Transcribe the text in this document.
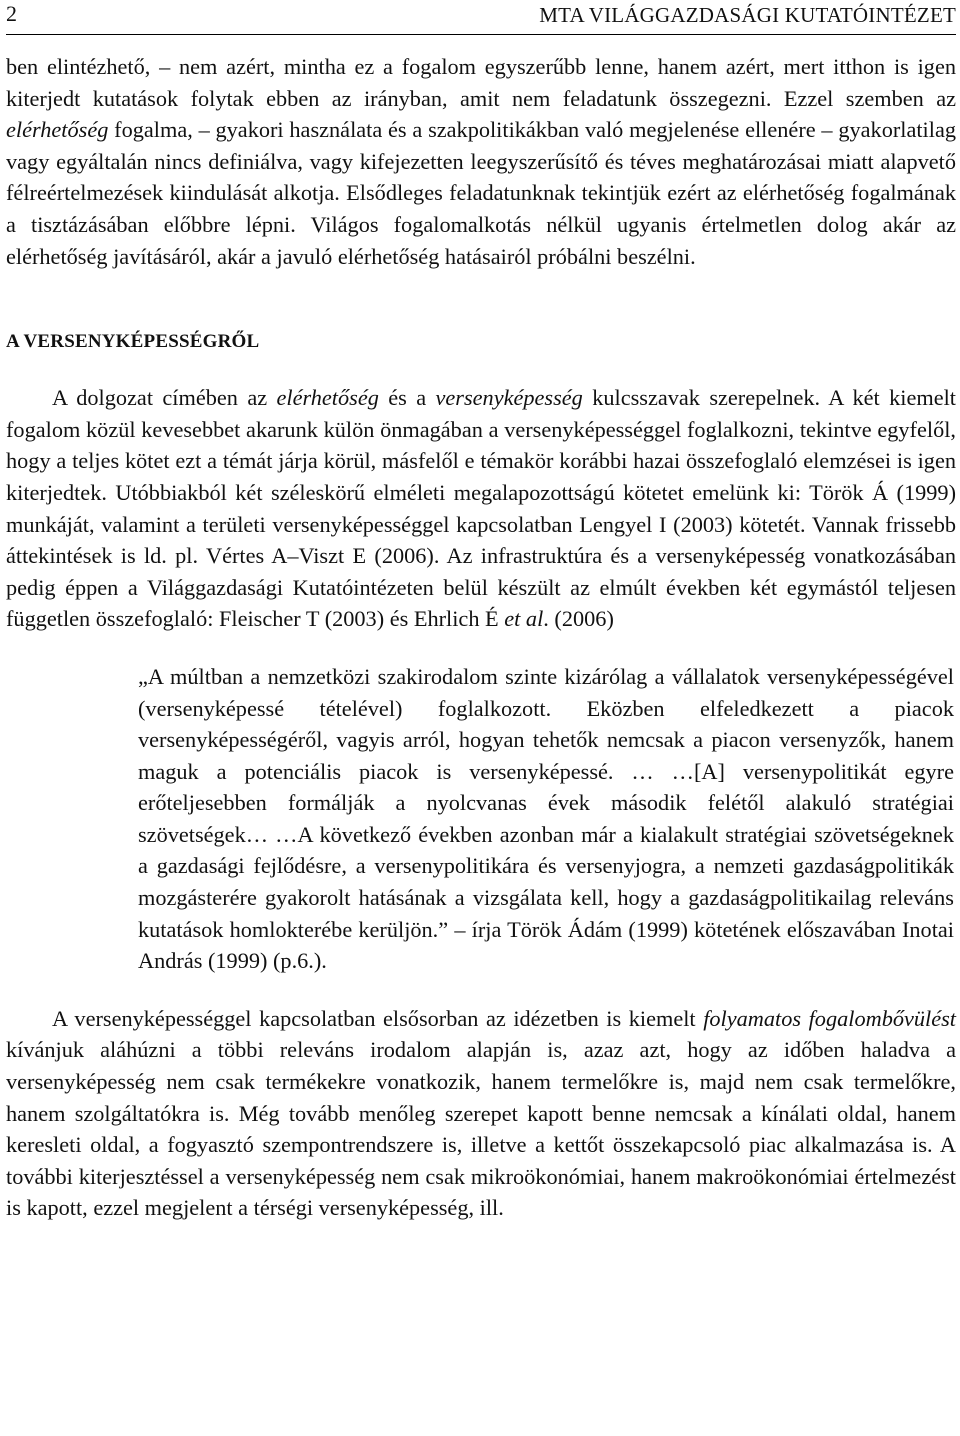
2	MTA VILÁGGAZDASÁGI KUTATÓINTÉZET

ben elintézhető, – nem azért, mintha ez a fogalom egyszerűbb lenne, hanem azért, mert itthon is igen kiterjedt kutatások folytak ebben az irányban, amit nem feladatunk összegezni. Ezzel szemben az elérhetőség fogalma, – gyakori használata és a szakpolitikákban való megjelenése ellenére – gyakorlatilag vagy egyáltalán nincs definiálva, vagy kifejezetten leegyszerűsítő és téves meghatározásai miatt alapvető félreértelmezések kiindulását alkotja. Elsődleges feladatunknak tekintjük ezért az elérhetőség fogalmának a tisztázásában előbbre lépni. Világos fogalomalkotás nélkül ugyanis értelmetlen dolog akár az elérhetőség javításáról, akár a javuló elérhetőség hatásairól próbálni beszélni.

A VERSENYKÉPESSÉGRŐL

A dolgozat címében az elérhetőség és a versenyképesség kulcsszavak szerepelnek. A két kiemelt fogalom közül kevesebbet akarunk külön önmagában a versenyképességgel foglalkozni, tekintve egyfelől, hogy a teljes kötet ezt a témát járja körül, másfelől e témakör korábbi hazai összefoglaló elemzései is igen kiterjedtek. Utóbbiakból két széleskörű elméleti megalapozottságú kötetet emelünk ki: Török Á (1999) munkáját, valamint a területi versenyképességgel kapcsolatban Lengyel I (2003) kötetét. Vannak frissebb áttekintések is ld. pl. Vértes A–Viszt E (2006). Az infrastruktúra és a versenyképesség vonatkozásában pedig éppen a Világgazdasági Kutatóintézeten belül készült az elmúlt években két egymástól teljesen független összefoglaló: Fleischer T (2003) és Ehrlich É et al. (2006)

„A múltban a nemzetközi szakirodalom szinte kizárólag a vállalatok versenyképességével (versenyképessé tételével) foglalkozott. Eközben elfeledkezett a piacok versenyképességéről, vagyis arról, hogyan tehetők nemcsak a piacon versenyzők, hanem maguk a potenciális piacok is versenyképessé. … …[A] versenypolitikát egyre erőteljesebben formálják a nyolcvanas évek második felétől alakuló stratégiai szövetségek… …A következő években azonban már a kialakult stratégiai szövetségeknek a gazdasági fejlődésre, a versenypolitikára és versenyjogra, a nemzeti gazdaságpolitikák mozgásterére gyakorolt hatásának a vizsgálata kell, hogy a gazdaságpolitikailag releváns kutatások homlokterébe kerüljön.” – írja Török Ádám (1999) kötetének előszavában Inotai András (1999) (p.6.).

A versenyképességgel kapcsolatban elsősorban az idézetben is kiemelt folyamatos fogalombővülést kívánjuk aláhúzni a többi releváns irodalom alapján is, azaz azt, hogy az időben haladva a versenyképesség nem csak termékekre vonatkozik, hanem termelőkre is, majd nem csak termelőkre, hanem szolgáltatókra is. Még tovább menőleg szerepet kapott benne nemcsak a kínálati oldal, hanem keresleti oldal, a fogyasztó szempontrendszere is, illetve a kettőt összekapcsoló piac alkalmazása is. A további kiterjesztéssel a versenyképesség nem csak mikroökonómiai, hanem makroökonómiai értelmezést is kapott, ezzel megjelent a térségi versenyképesség, ill.
